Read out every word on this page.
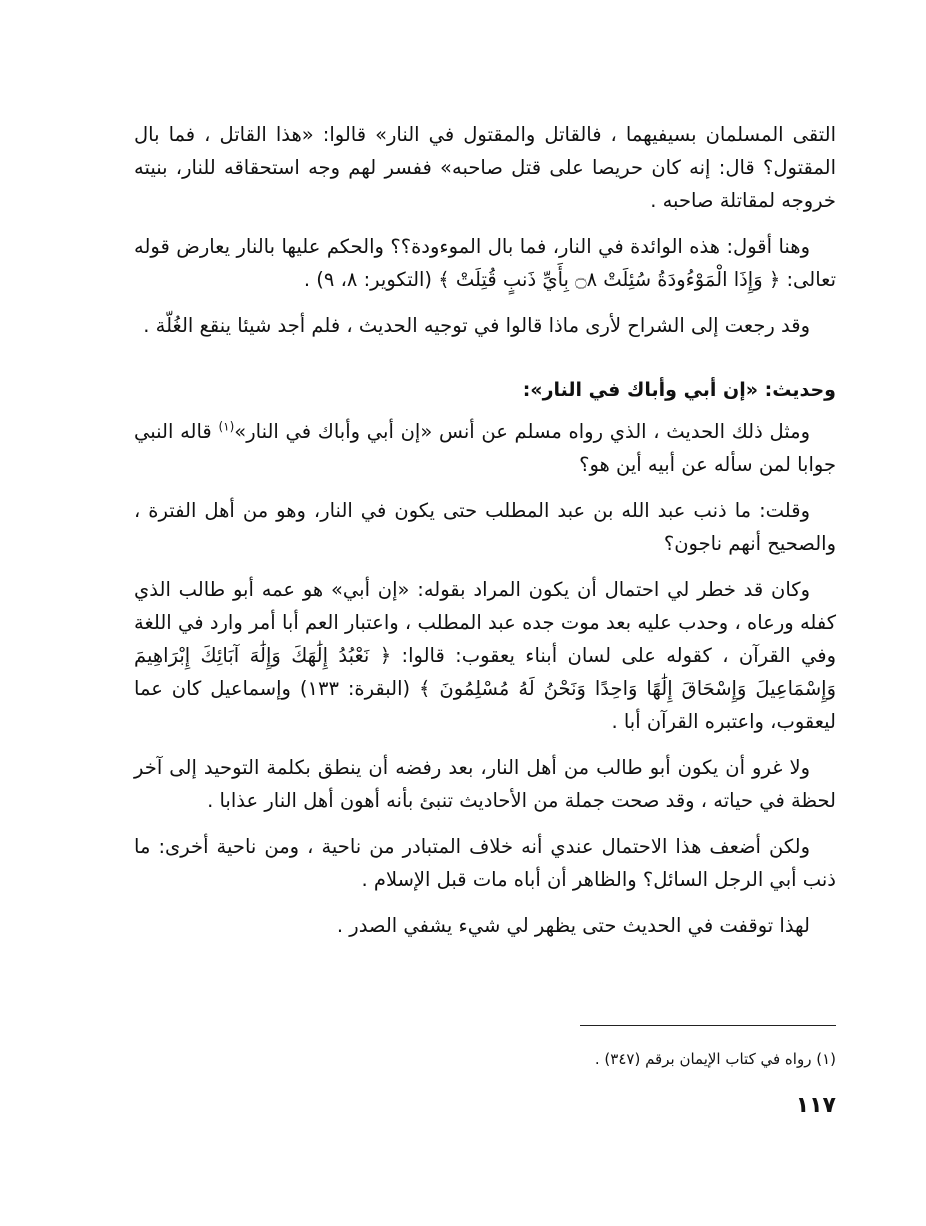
التقى المسلمان بسيفيهما ، فالقاتل والمقتول في النار» قالوا: «هذا القاتل ، فما بال المقتول؟ قال: إنه كان حريصا على قتل صاحبه» ففسر لهم وجه استحقاقه للنار، بنيته خروجه لمقاتلة صاحبه .

وهنا أقول: هذه الوائدة في النار، فما بال الموءودة؟؟ والحكم عليها بالنار يعارض قوله تعالى: ﴿ وَإِذَا الْمَوْءُودَةُ سُئِلَتْ ۝٨ بِأَيِّ ذَنبٍ قُتِلَتْ ﴾ (التكوير: ٨، ٩) .

وقد رجعت إلى الشراح لأرى ماذا قالوا في توجيه الحديث ، فلم أجد شيئا ينقع الغُلّة .

وحديث: «إن أبي وأباك في النار»:

ومثل ذلك الحديث ، الذي رواه مسلم عن أنس «إن أبي وأباك في النار»$^{(١)}$ قاله النبي جوابا لمن سأله عن أبيه أين هو؟

وقلت: ما ذنب عبد الله بن عبد المطلب حتى يكون في النار، وهو من أهل الفترة ، والصحيح أنهم ناجون؟

وكان قد خطر لي احتمال أن يكون المراد بقوله: «إن أبي» هو عمه أبو طالب الذي كفله ورعاه ، وحدب عليه بعد موت جده عبد المطلب ، واعتبار العم أبا أمر وارد في اللغة وفي القرآن ، كقوله على لسان أبناء يعقوب: قالوا: ﴿ نَعْبُدُ إِلَٰهَكَ وَإِلَٰهَ آبَائِكَ إِبْرَاهِيمَ وَإِسْمَاعِيلَ وَإِسْحَاقَ إِلَٰهًا وَاحِدًا وَنَحْنُ لَهُ مُسْلِمُونَ ﴾ (البقرة: ١٣٣) وإسماعيل كان عما ليعقوب، واعتبره القرآن أبا .

ولا غرو أن يكون أبو طالب من أهل النار، بعد رفضه أن ينطق بكلمة التوحيد إلى آخر لحظة في حياته ، وقد صحت جملة من الأحاديث تنبئ بأنه أهون أهل النار عذابا .

ولكن أضعف هذا الاحتمال عندي أنه خلاف المتبادر من ناحية ، ومن ناحية أخرى: ما ذنب أبي الرجل السائل؟ والظاهر أن أباه مات قبل الإسلام .

لهذا توقفت في الحديث حتى يظهر لي شيء يشفي الصدر .

(١) رواه في كتاب الإيمان برقم (٣٤٧) .
١١٧
